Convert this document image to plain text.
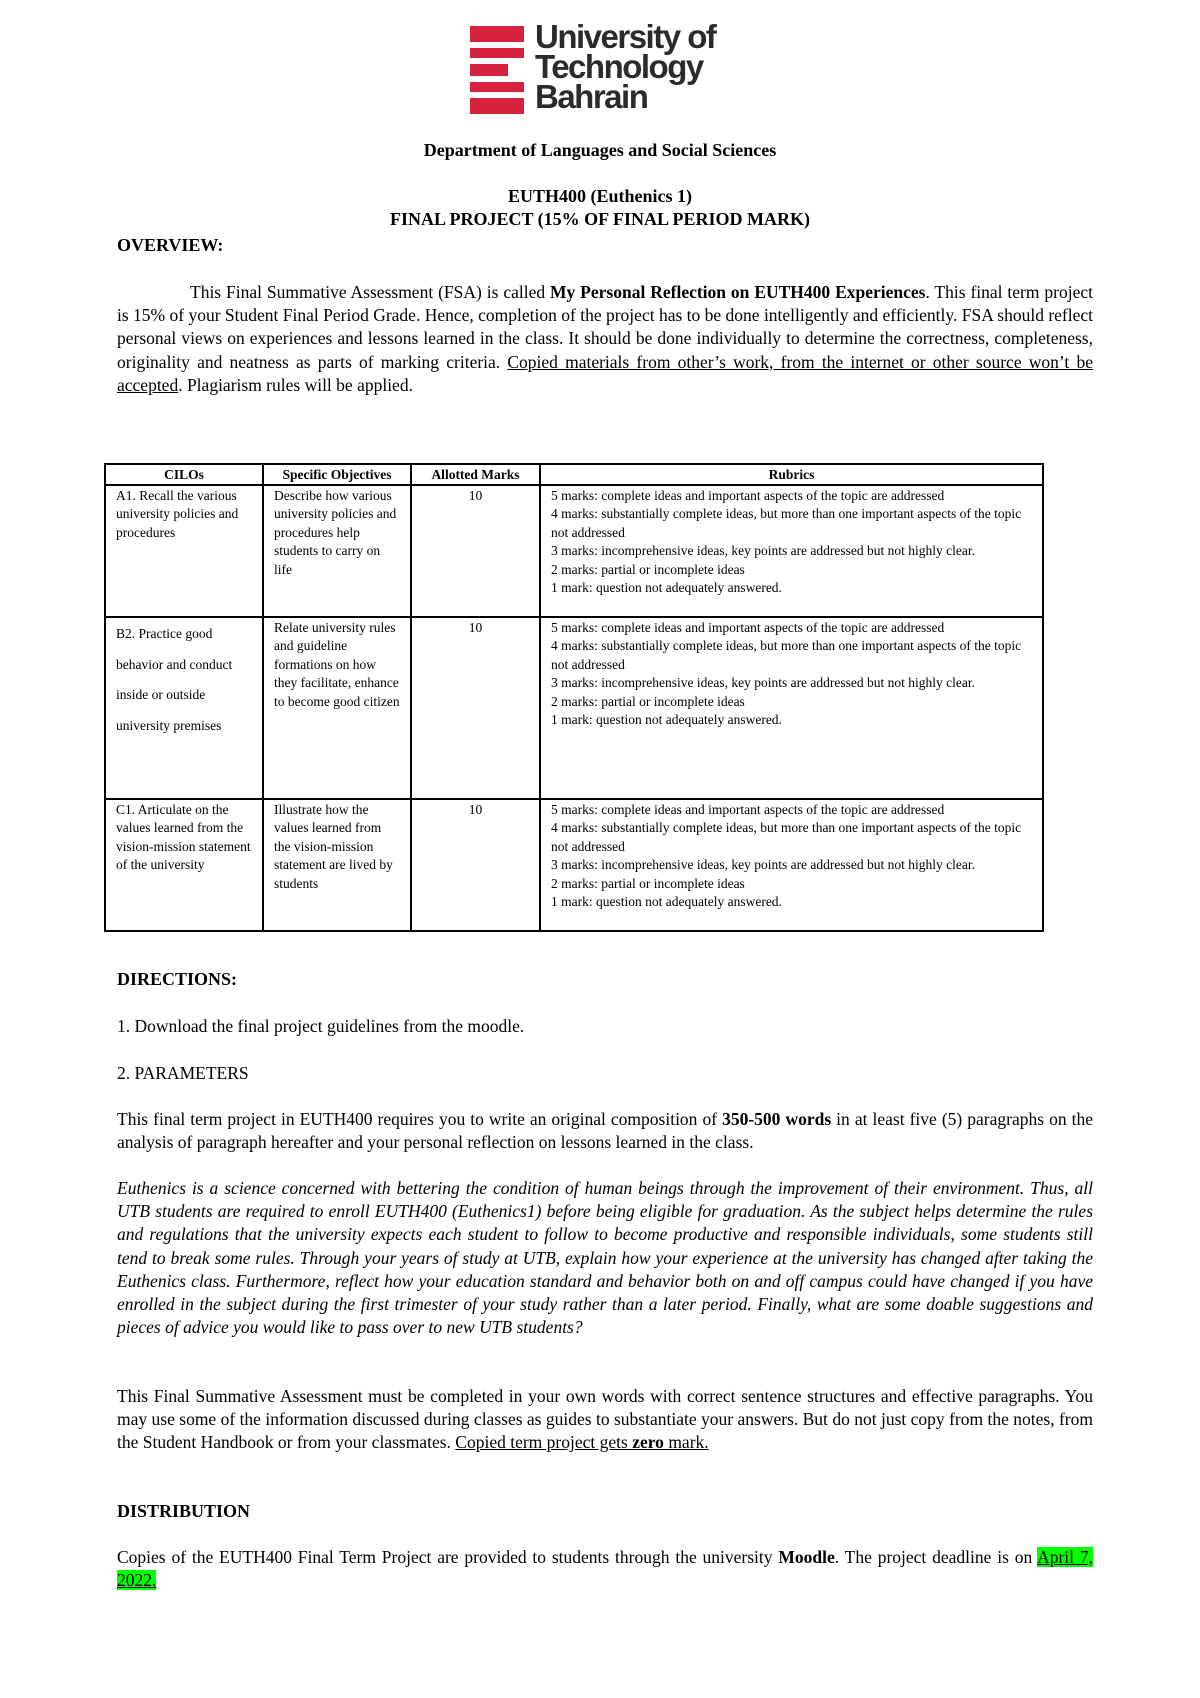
University of
Technology
Bahrain
Department of Languages and Social Sciences
EUTH400 (Euthenics 1)
FINAL PROJECT (15% OF FINAL PERIOD MARK)
OVERVIEW:
This Final Summative Assessment (FSA) is called My Personal Reflection on EUTH400 Experiences. This final term project is 15% of your Student Final Period Grade. Hence, completion of the project has to be done intelligently and efficiently. FSA should reflect personal views on experiences and lessons learned in the class. It should be done individually to determine the correctness, completeness, originality and neatness as parts of marking criteria. Copied materials from other’s work, from the internet or other source won’t be accepted. Plagiarism rules will be applied.
CILOs	Specific Objectives	Allotted Marks	Rubrics
A1. Recall the various university policies and procedures	Describe how various university policies and procedures help students to carry on life	10	5 marks: complete ideas and important aspects of the topic are addressed
4 marks: substantially complete ideas, but more than one important aspects of the topic not addressed
3 marks: incomprehensive ideas, key points are addressed but not highly clear.
2 marks: partial or incomplete ideas
1 mark: question not adequately answered.

B2. Practice good behavior and conduct inside or outside university premises	Relate university rules and guideline formations on how they facilitate, enhance to become good citizen	10	5 marks: complete ideas and important aspects of the topic are addressed
4 marks: substantially complete ideas, but more than one important aspects of the topic not addressed
3 marks: incomprehensive ideas, key points are addressed but not highly clear.
2 marks: partial or incomplete ideas
1 mark: question not adequately answered.

C1. Articulate on the values learned from the vision-mission statement of the university	Illustrate how the values learned from the vision-mission statement are lived by students	10	5 marks: complete ideas and important aspects of the topic are addressed
4 marks: substantially complete ideas, but more than one important aspects of the topic not addressed
3 marks: incomprehensive ideas, key points are addressed but not highly clear.
2 marks: partial or incomplete ideas
1 mark: question not adequately answered.
DIRECTIONS:
1. Download the final project guidelines from the moodle.
2. PARAMETERS
This final term project in EUTH400 requires you to write an original composition of 350-500 words in at least five (5) paragraphs on the analysis of paragraph hereafter and your personal reflection on lessons learned in the class.
Euthenics is a science concerned with bettering the condition of human beings through the improvement of their environment. Thus, all UTB students are required to enroll EUTH400 (Euthenics1) before being eligible for graduation. As the subject helps determine the rules and regulations that the university expects each student to follow to become productive and responsible individuals, some students still tend to break some rules. Through your years of study at UTB, explain how your experience at the university has changed after taking the Euthenics class. Furthermore, reflect how your education standard and behavior both on and off campus could have changed if you have enrolled in the subject during the first trimester of your study rather than a later period. Finally, what are some doable suggestions and pieces of advice you would like to pass over to new UTB students?
This Final Summative Assessment must be completed in your own words with correct sentence structures and effective paragraphs. You may use some of the information discussed during classes as guides to substantiate your answers. But do not just copy from the notes, from the Student Handbook or from your classmates. Copied term project gets zero mark.
DISTRIBUTION
Copies of the EUTH400 Final Term Project are provided to students through the university Moodle. The project deadline is on April 7, 2022.
